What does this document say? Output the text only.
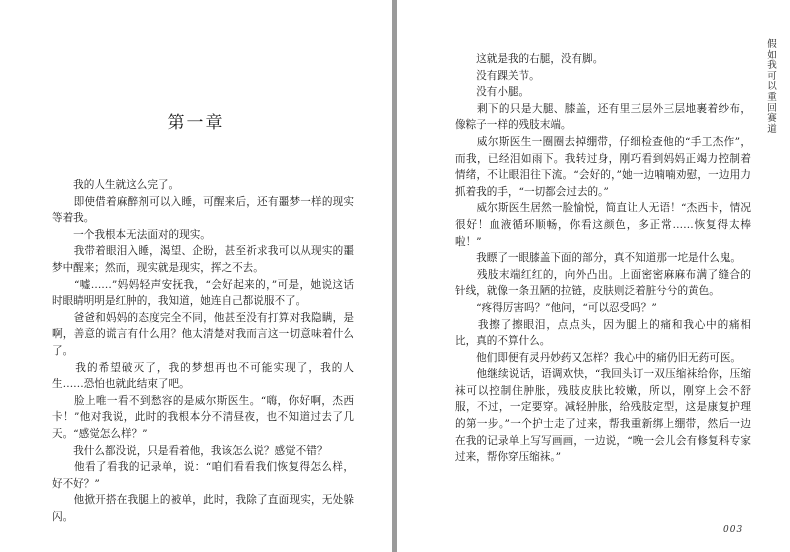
第一章

　　我的人生就这么完了。

　　即使借着麻醉剂可以入睡，可醒来后，还有噩梦一样的现实等着我。

　　一个我根本无法面对的现实。

　　我带着眼泪入睡，渴望、企盼，甚至祈求我可以从现实的噩梦中醒来；然而，现实就是现实，挥之不去。

　　“嘘……”妈妈轻声安抚我，“会好起来的，”可是，她说这话时眼睛明明是红肿的，我知道，她连自己都说服不了。

　　爸爸和妈妈的态度完全不同，他甚至没有打算对我隐瞒，是啊，善意的谎言有什么用？他太清楚对我而言这一切意味着什么了。

　　我的希望破灭了，我的梦想再也不可能实现了，我的人生……恐怕也就此结束了吧。

　　脸上唯一看不到愁容的是威尔斯医生。“嗨，你好啊，杰西卡！”他对我说，此时的我根本分不清昼夜，也不知道过去了几天。“感觉怎么样？”

　　我什么都没说，只是看着他，我该怎么说？感觉不错？

　　他看了看我的记录单，说：“咱们看看我们恢复得怎么样，好不好？”

　　他掀开搭在我腿上的被单，此时，我除了直面现实，无处躲闪。

　　这就是我的右腿，没有脚。

　　没有踝关节。

　　没有小腿。

　　剩下的只是大腿、膝盖，还有里三层外三层地裹着纱布，像粽子一样的残肢末端。

　　威尔斯医生一圈圈去掉绷带，仔细检查他的“手工杰作”，而我，已经泪如雨下。我转过身，刚巧看到妈妈正竭力控制着情绪，不让眼泪往下流。“会好的，”她一边喃喃劝慰，一边用力抓着我的手，“一切都会过去的。”

　　威尔斯医生居然一脸愉悦，简直让人无语！“杰西卡，情况很好！血液循环顺畅，你看这颜色，多正常……恢复得太棒啦！”

　　我瞟了一眼膝盖下面的部分，真不知道那一坨是什么鬼。

　　残肢末端红红的，向外凸出。上面密密麻麻布满了缝合的针线，就像一条丑陋的拉链，皮肤则泛着脏兮兮的黄色。

　　“疼得厉害吗？”他问，“可以忍受吗？”

　　我擦了擦眼泪，点点头，因为腿上的痛和我心中的痛相比，真的不算什么。

　　他们即便有灵丹妙药又怎样？我心中的痛仍旧无药可医。

　　他继续说话，语调欢快，“我回头订一双压缩袜给你，压缩袜可以控制住肿胀，残肢皮肤比较嫩，所以，刚穿上会不舒服，不过，一定要穿。减轻肿胀，给残肢定型，这是康复护理的第一步。”一个护士走了过来，帮我重新绑上绷带，然后一边在我的记录单上写写画画，一边说，“晚一会儿会有修复科专家过来，帮你穿压缩袜。”

假如我可以重回赛道
003
